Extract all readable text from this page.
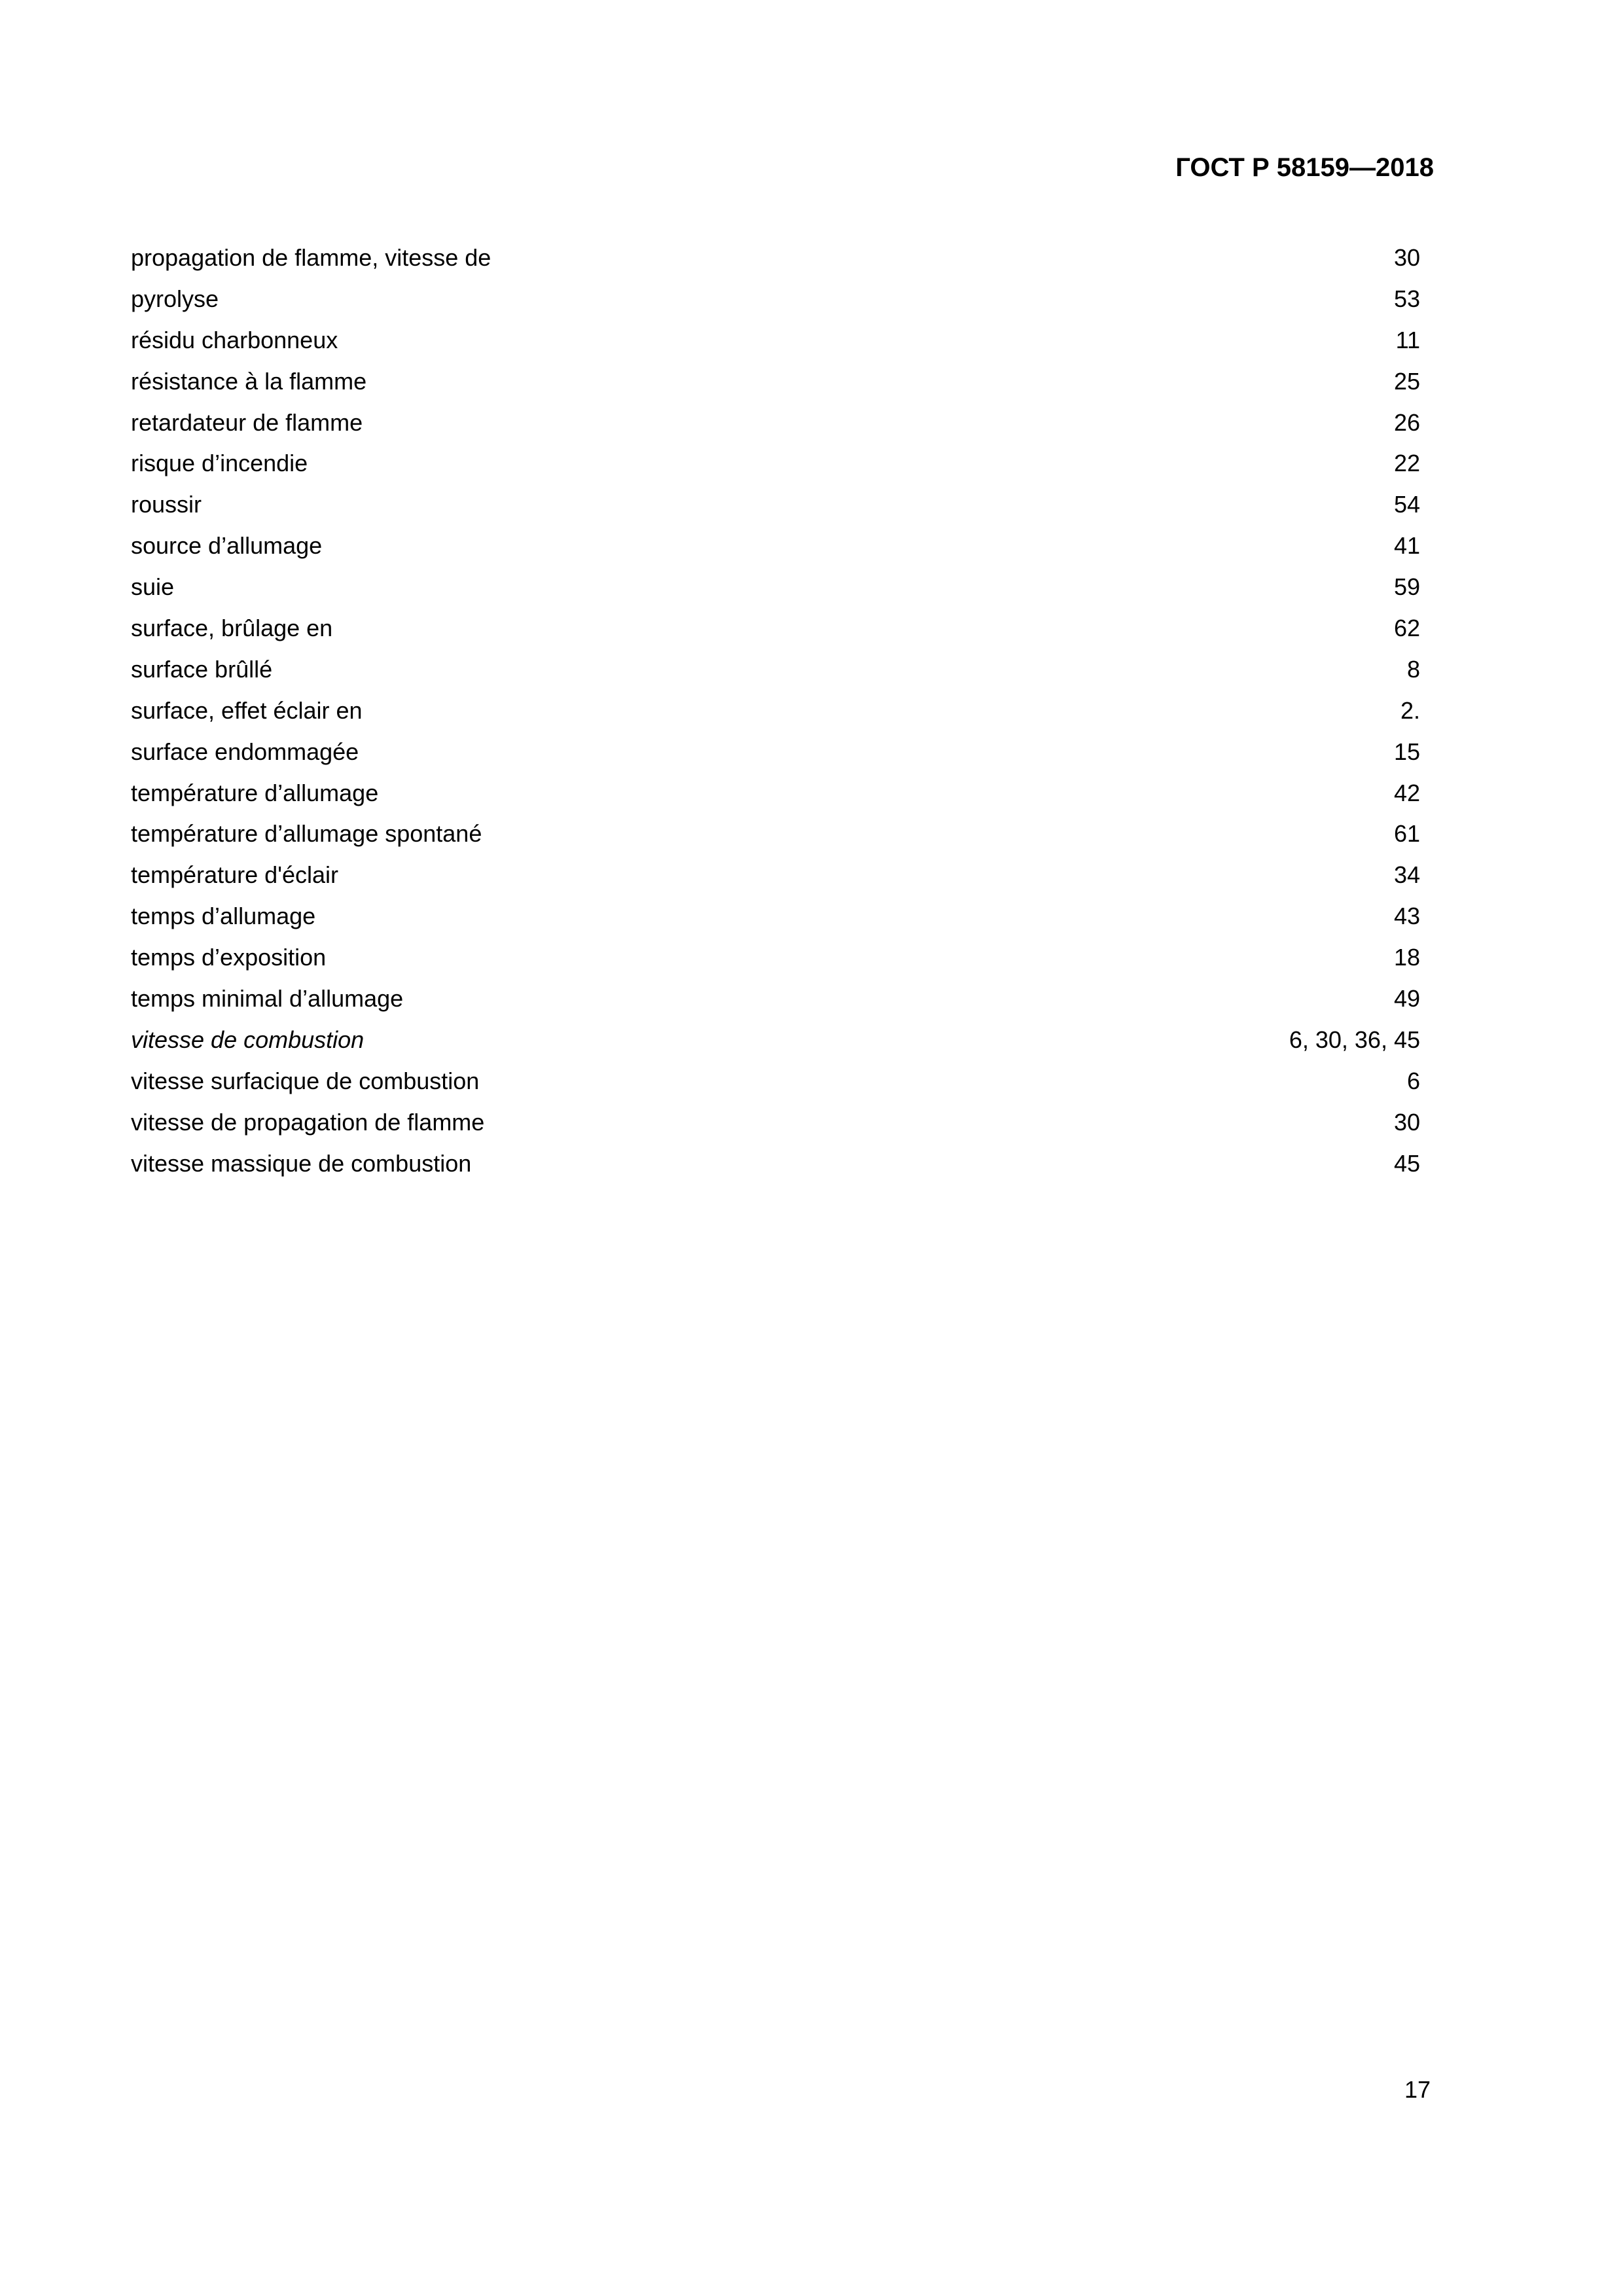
ГОСТ Р 58159—2018
propagation de flamme, vitesse de	30
pyrolyse	53
résidu charbonneux	11
résistance à la flamme	25
retardateur de flamme	26
risque d’incendie	22
roussir	54
source d’allumage	41
suie	59
surface, brûlage en	62
surface brûllé	8
surface, effet éclair en	2.
surface endommagée	15
température d’allumage	42
température d’allumage spontané	61
température d'éclair	34
temps d’allumage	43
temps d’exposition	18
temps minimal d’allumage	49
vitesse de combustion	6, 30, 36, 45
vitesse surfacique de combustion	6
vitesse de propagation de flamme	30
vitesse massique de combustion	45
17
